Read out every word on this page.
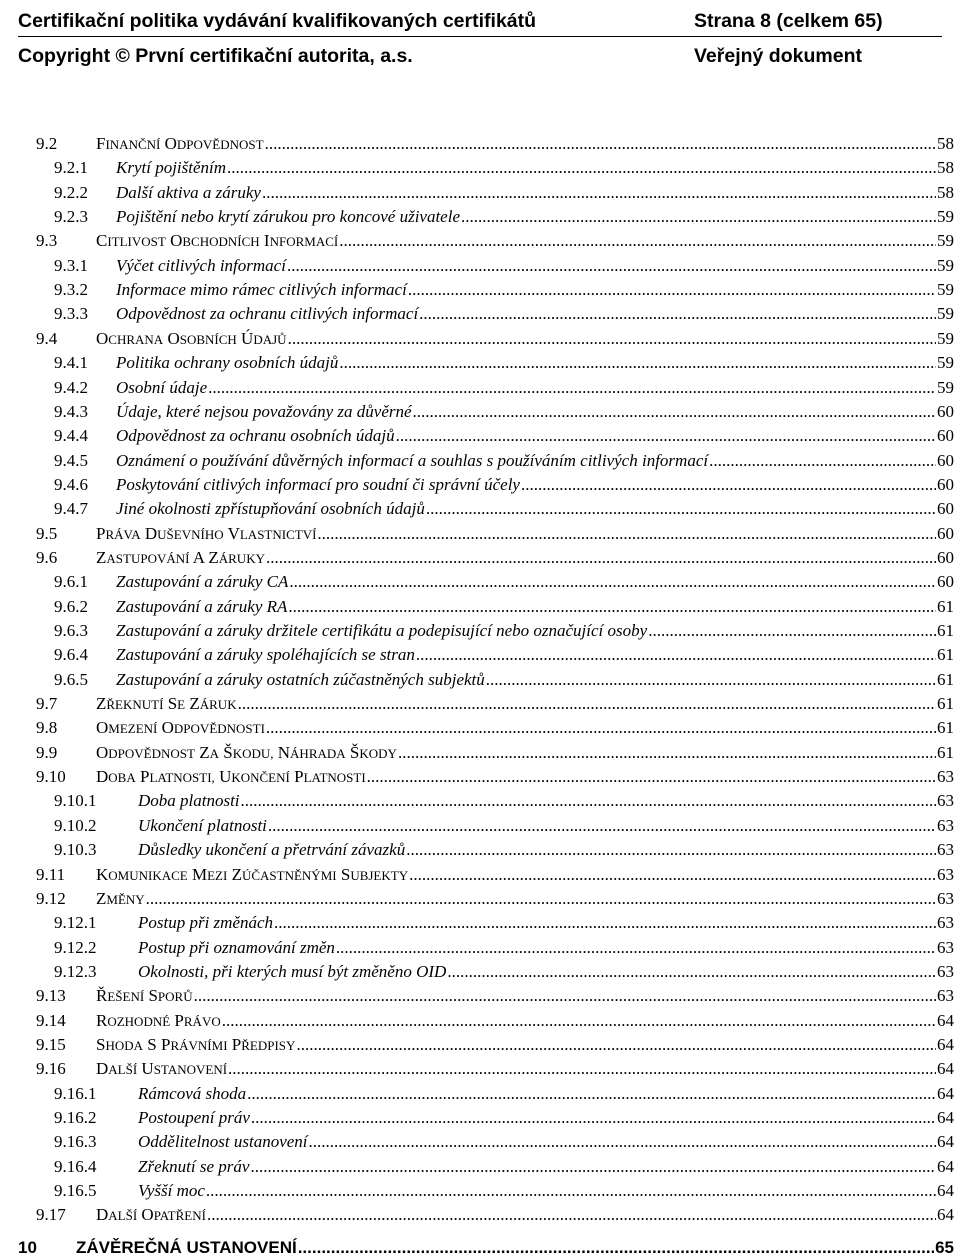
Certifikační politika vydávání kvalifikovaných certifikátů	Strana 8 (celkem 65)
Copyright © První certifikační autorita, a.s.	Veřejný dokument
9.2 FINANČNÍ ODPOVĚDNOST .....	58
9.2.1 Krytí pojištěním .....	58
9.2.2 Další aktiva a záruky .....	58
9.2.3 Pojištění nebo krytí zárukou pro koncové uživatele .....	59
9.3 CITLIVOST OBCHODNÍCH INFORMACÍ .....	59
9.3.1 Výčet citlivých informací .....	59
9.3.2 Informace mimo rámec citlivých informací .....	59
9.3.3 Odpovědnost za ochranu citlivých informací .....	59
9.4 OCHRANA OSOBNÍCH ÚDAJŮ .....	59
9.4.1 Politika ochrany osobních údajů .....	59
9.4.2 Osobní údaje .....	59
9.4.3 Údaje, které nejsou považovány za důvěrné .....	60
9.4.4 Odpovědnost za ochranu osobních údajů .....	60
9.4.5 Oznámení o používání důvěrných informací a souhlas s používáním citlivých informací .....	60
9.4.6 Poskytování citlivých informací pro soudní či správní účely .....	60
9.4.7 Jiné okolnosti zpřístupňování osobních údajů .....	60
9.5 PRÁVA DUŠEVNÍHO VLASTNICTVÍ .....	60
9.6 ZASTUPOVÁNÍ A ZÁRUKY .....	60
9.6.1 Zastupování a záruky CA .....	60
9.6.2 Zastupování a záruky RA .....	61
9.6.3 Zastupování a záruky držitele certifikátu a podepisující nebo označující osoby .....	61
9.6.4 Zastupování a záruky spoléhajících se stran .....	61
9.6.5 Zastupování a záruky ostatních zúčastněných subjektů .....	61
9.7 ZŘEKNUTÍ SE ZÁRUK .....	61
9.8 OMEZENÍ ODPOVĚDNOSTI .....	61
9.9 ODPOVĚDNOST ZA ŠKODU, NÁHRADA ŠKODY .....	61
9.10 DOBA PLATNOSTI, UKONČENÍ PLATNOSTI .....	63
9.10.1 Doba platnosti .....	63
9.10.2 Ukončení platnosti .....	63
9.10.3 Důsledky ukončení a přetrvání závazků .....	63
9.11 KOMUNIKACE MEZI ZÚČASTNĚNÝMI SUBJEKTY .....	63
9.12 ZMĚNY .....	63
9.12.1 Postup při změnách .....	63
9.12.2 Postup při oznamování změn .....	63
9.12.3 Okolnosti, při kterých musí být změněno OID .....	63
9.13 ŘEŠENÍ SPORŮ .....	63
9.14 ROZHODNÉ PRÁVO .....	64
9.15 SHODA S PRÁVNÍMI PŘEDPISY .....	64
9.16 DALŠÍ USTANOVENÍ .....	64
9.16.1 Rámcová shoda .....	64
9.16.2 Postoupení práv .....	64
9.16.3 Oddělitelnost ustanovení .....	64
9.16.4 Zřeknutí se práv .....	64
9.16.5 Vyšší moc .....	64
9.17 DALŠÍ OPATŘENÍ .....	64
10 ZÁVĚREČNÁ USTANOVENÍ .....	65
